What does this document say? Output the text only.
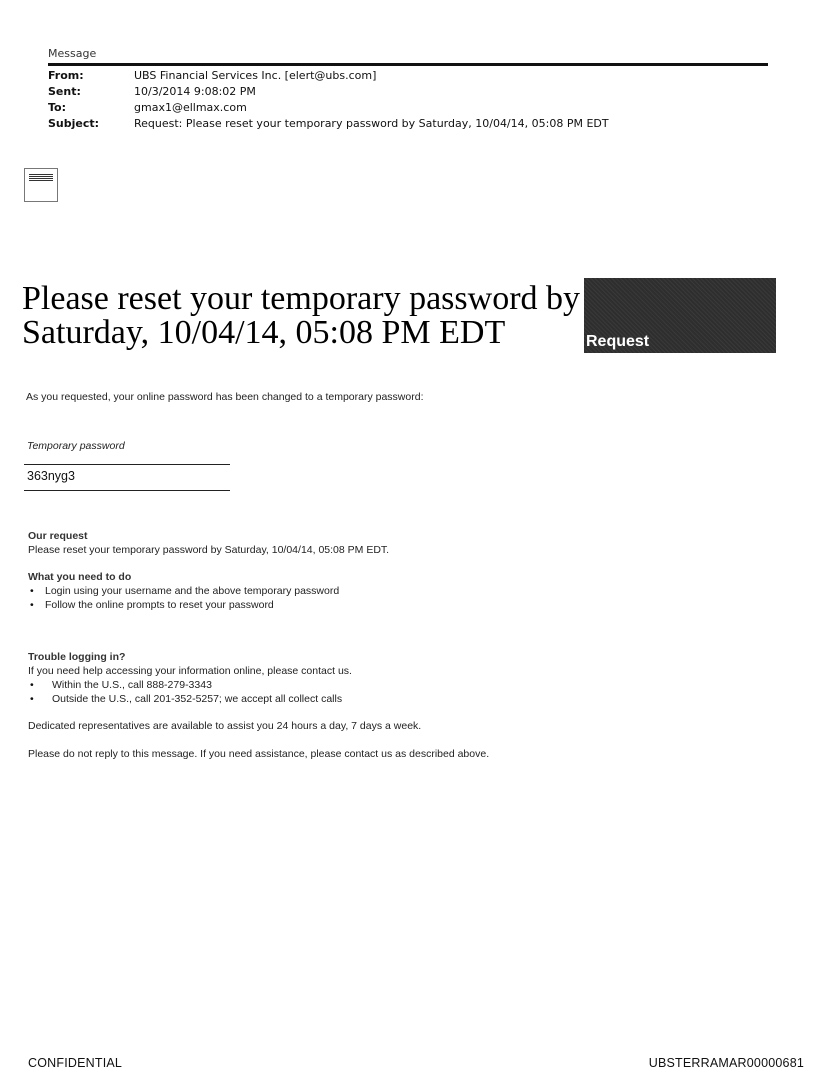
Message
From:	UBS Financial Services Inc. [elert@ubs.com]
Sent:	10/3/2014 9:08:02 PM
To:	gmax1@ellmax.com
Subject:	Request: Please reset your temporary password by Saturday, 10/04/14, 05:08 PM EDT
Please reset your temporary password by
Saturday, 10/04/14, 05:08 PM EDT	Request
As you requested, your online password has been changed to a temporary password:
Temporary password
363nyg3
Our request
Please reset your temporary password by Saturday, 10/04/14, 05:08 PM EDT.
What you need to do
• Login using your username and the above temporary password
• Follow the online prompts to reset your password
Trouble logging in?
If you need help accessing your information online, please contact us.
• Within the U.S., call 888-279-3343
• Outside the U.S., call 201-352-5257; we accept all collect calls
Dedicated representatives are available to assist you 24 hours a day, 7 days a week.
Please do not reply to this message. If you need assistance, please contact us as described above.
CONFIDENTIAL	UBSTERRAMAR00000681
